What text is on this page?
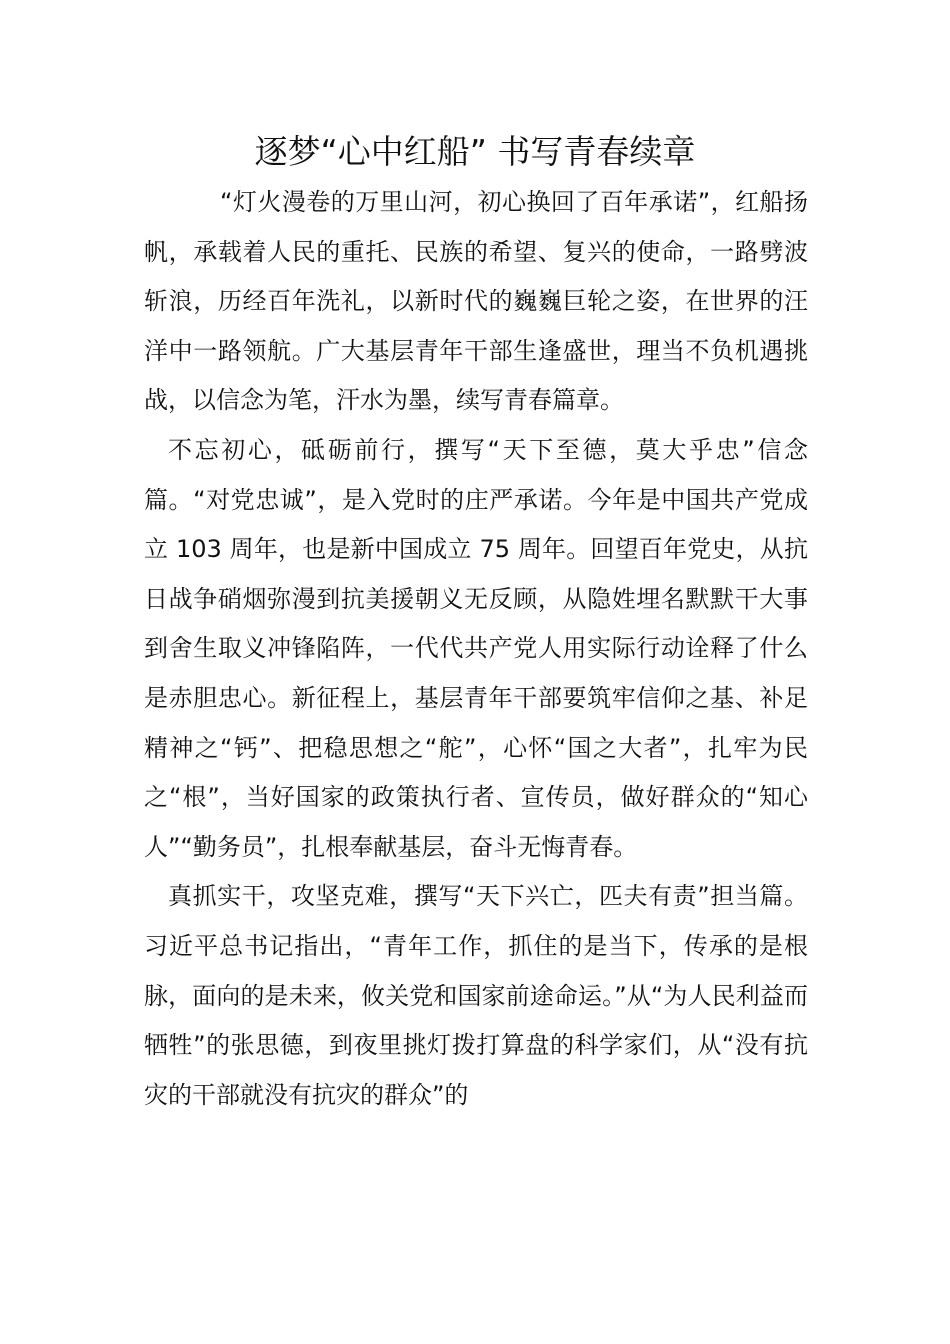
逐梦“心中红船” 书写青春续章

“灯火漫卷的万里山河，初心换回了百年承诺”，红船扬帆，承载着人民的重托、民族的希望、复兴的使命，一路劈波斩浪，历经百年洗礼，以新时代的巍巍巨轮之姿，在世界的汪洋中一路领航。广大基层青年干部生逢盛世，理当不负机遇挑战，以信念为笔，汗水为墨，续写青春篇章。

不忘初心，砥砺前行，撰写“天下至德，莫大乎忠”信念篇。“对党忠诚”，是入党时的庄严承诺。今年是中国共产党成立 103 周年，也是新中国成立 75 周年。回望百年党史，从抗日战争硝烟弥漫到抗美援朝义无反顾，从隐姓埋名默默干大事到舍生取义冲锋陷阵，一代代共产党人用实际行动诠释了什么是赤胆忠心。新征程上，基层青年干部要筑牢信仰之基、补足精神之“钙”、把稳思想之“舵”，心怀“国之大者”，扎牢为民之“根”，当好国家的政策执行者、宣传员，做好群众的“知心人”“勤务员”，扎根奉献基层，奋斗无悔青春。

真抓实干，攻坚克难，撰写“天下兴亡，匹夫有责”担当篇。习近平总书记指出，“青年工作，抓住的是当下，传承的是根脉，面向的是未来，攸关党和国家前途命运。”从“为人民利益而牺牲”的张思德，到夜里挑灯拨打算盘的科学家们，从“没有抗灾的干部就没有抗灾的群众”的
